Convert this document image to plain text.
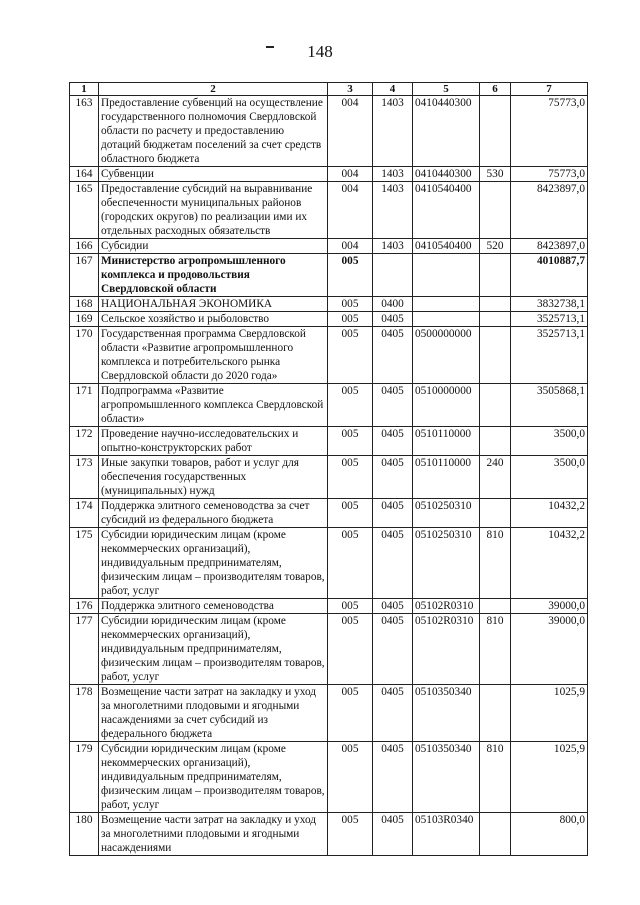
148
1	2	3	4	5	6	7
163	Предоставление субвенций на осуществление государственного полномочия Свердловской области по расчету и предоставлению дотаций бюджетам поселений за счет средств областного бюджета	004	1403	0410440300		75773,0
164	Субвенции	004	1403	0410440300	530	75773,0
165	Предоставление субсидий на выравнивание обеспеченности муниципальных районов (городских округов) по реализации ими их отдельных расходных обязательств	004	1403	0410540400		8423897,0
166	Субсидии	004	1403	0410540400	520	8423897,0
167	Министерство агропромышленного комплекса и продовольствия Свердловской области	005				4010887,7
168	НАЦИОНАЛЬНАЯ ЭКОНОМИКА	005	0400			3832738,1
169	Сельское хозяйство и рыболовство	005	0405			3525713,1
170	Государственная программа Свердловской области «Развитие агропромышленного комплекса и потребительского рынка Свердловской области до 2020 года»	005	0405	0500000000		3525713,1
171	Подпрограмма «Развитие агропромышленного комплекса Свердловской области»	005	0405	0510000000		3505868,1
172	Проведение научно-исследовательских и опытно-конструкторских работ	005	0405	0510110000		3500,0
173	Иные закупки товаров, работ и услуг для обеспечения государственных (муниципальных) нужд	005	0405	0510110000	240	3500,0
174	Поддержка элитного семеноводства за счет субсидий из федерального бюджета	005	0405	0510250310		10432,2
175	Субсидии юридическим лицам (кроме некоммерческих организаций), индивидуальным предпринимателям, физическим лицам – производителям товаров, работ, услуг	005	0405	0510250310	810	10432,2
176	Поддержка элитного семеноводства	005	0405	05102R0310		39000,0
177	Субсидии юридическим лицам (кроме некоммерческих организаций), индивидуальным предпринимателям, физическим лицам – производителям товаров, работ, услуг	005	0405	05102R0310	810	39000,0
178	Возмещение части затрат на закладку и уход за многолетними плодовыми и ягодными насаждениями за счет субсидий из федерального бюджета	005	0405	0510350340		1025,9
179	Субсидии юридическим лицам (кроме некоммерческих организаций), индивидуальным предпринимателям, физическим лицам – производителям товаров, работ, услуг	005	0405	0510350340	810	1025,9
180	Возмещение части затрат на закладку и уход за многолетними плодовыми и ягодными насаждениями	005	0405	05103R0340		800,0
